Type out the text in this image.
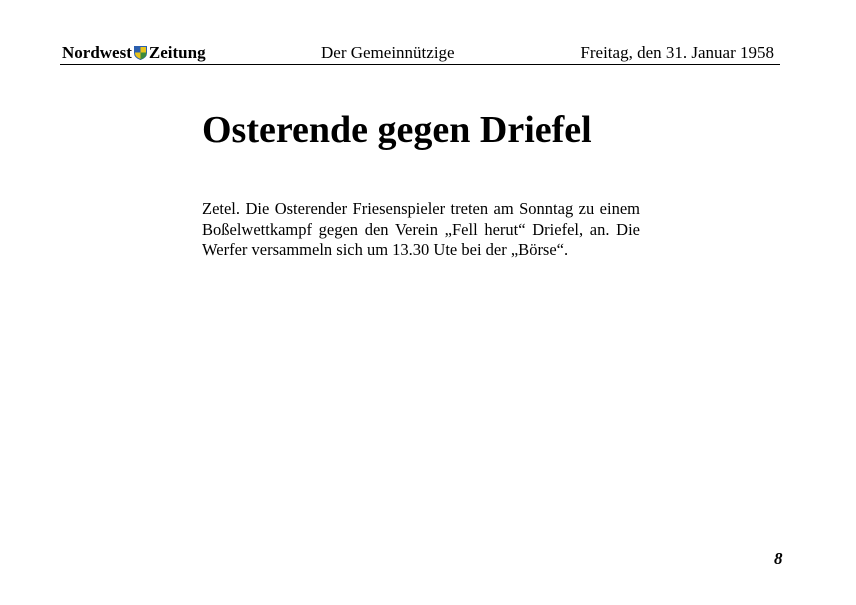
Nordwest Zeitung	Der Gemeinnützige	Freitag, den 31. Januar 1958
Osterende gegen Driefel

Zetel. Die Osterender Friesenspieler treten am Sonntag zu einem Boßelwettkampf gegen den Verein „Fell herut“ Driefel, an. Die Werfer versammeln sich um 13.30 Ute bei der „Börse“.

8
